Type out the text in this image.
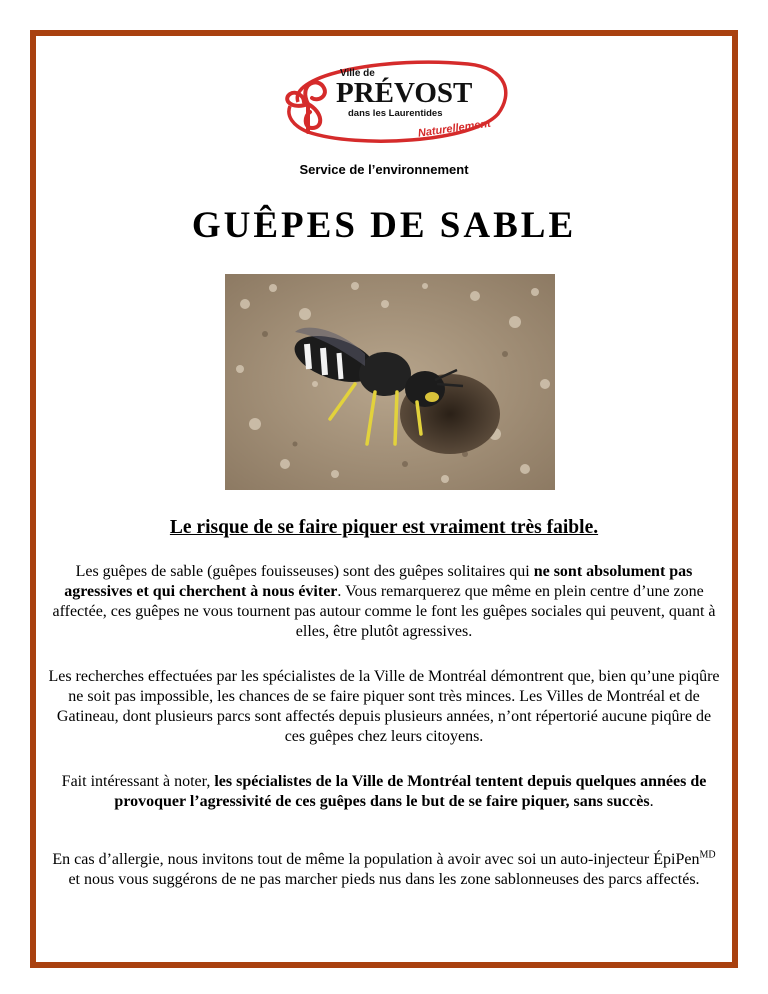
Ville de
PRÉVOST
dans les Laurentides
Naturellement
Service de l’environnement
GUÊPES DE SABLE
Le risque de se faire piquer est vraiment très faible.

Les guêpes de sable (guêpes fouisseuses) sont des guêpes solitaires qui ne sont absolument pas agressives et qui cherchent à nous éviter. Vous remarquerez que même en plein centre d’une zone affectée, ces guêpes ne vous tournent pas autour comme le font les guêpes sociales qui peuvent, quant à elles, être plutôt agressives.

Les recherches effectuées par les spécialistes de la Ville de Montréal démontrent que, bien qu’une piqûre ne soit pas impossible, les chances de se faire piquer sont très minces. Les Villes de Montréal et de Gatineau, dont plusieurs parcs sont affectés depuis plusieurs années, n’ont répertorié aucune piqûre de ces guêpes chez leurs citoyens.

Fait intéressant à noter, les spécialistes de la Ville de Montréal tentent depuis quelques années de provoquer l’agressivité de ces guêpes dans le but de se faire piquer, sans succès.

En cas d’allergie, nous invitons tout de même la population à avoir avec soi un auto-injecteur ÉpiPen$^{MD}$ et nous vous suggérons de ne pas marcher pieds nus dans les zone sablonneuses des parcs affectés.
